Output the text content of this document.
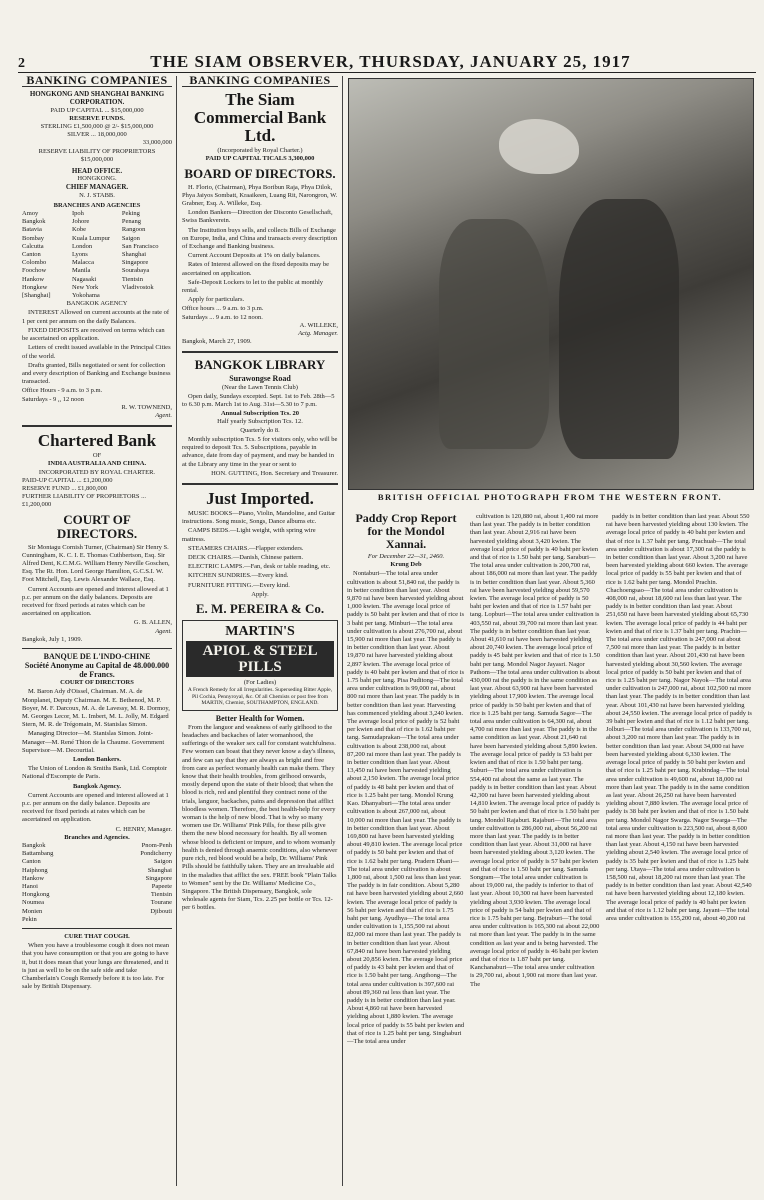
2	THE SIAM OBSERVER, THURSDAY, JANUARY 25, 1917
BANKING COMPANIES
HONGKONG AND SHANGHAI BANKING CORPORATION.
PAID UP CAPITAL ... $15,000,000
RESERVE FUNDS.
STERLING £1,500,000 @ 2/- $15,000,000
SILVER ... 18,000,000
33,000,000
RESERVE LIABILITY OF PROPRIETORS $15,000,000
HEAD OFFICE.
HONGKONG.
CHIEF MANAGER.
N. J. STABB.
BRANCHES AND AGENCIES
Amoy	Ipoh	Peking
Bangkok	Johore	Penang
Batavia	Kobe	Rangoon
Bombay	Kuala Lumpur	Saigon
Calcutta	London	San Francisco
Canton	Lyons	Shanghai
Colombo	Malacca	Singapore
Foochow	Manila	Sourabaya
Hankow	Nagasaki	Tientsin
Hongkew	New York	Vladivostok
[Shanghai]	Yokohama
BANGKOK AGENCY

INTEREST Allowed on current accounts at the rate of 1 per cent per annum on the daily Balances.

FIXED DEPOSITS are received on terms which can be ascertained on application.

Letters of credit issued available in the Principal Cities of the world.

Drafts granted, Bills negotiated or sent for collection and every description of Banking and Exchange business transacted.

Office Hours - 9 a.m. to 3 p.m.
Saturdays - 9 ,, 12 noon
R. W. TOWNEND,
Agent.
Chartered Bank
OF
INDIA AUSTRALIA AND CHINA.
INCORPORATED BY ROYAL CHARTER.
PAID-UP CAPITAL ... £1,200,000
RESERVE FUND ... £1,800,000
FURTHER LIABILITY OF PROPRIETORS ... £1,200,000
COURT OF DIRECTORS.

Sir Montagu Cornish Turner, (Chairman) Sir Henry S. Cunningham, K. C. I. E. Thomas Cuthbertson, Esq. Sir Alfred Dent, K.C.M.G. William Henry Neville Goschen, Esq. The Rt. Hon. Lord George Hamilton, G.C.S.I. W. Foot Mitchell, Esq. Lewis Alexander Wallace, Esq.

Current Accounts are opened and interest allowed at 1 p.c. per annum on the daily balances. Deposits are received for fixed periods at rates which can be ascertained on application.

G. B. ALLEN,
Agent.
Bangkok, July 1, 1909.
BANQUE DE L'INDO-CHINE
Société Anonyme au Capital de 48.000.000 de Francs.
COURT OF DIRECTORS

M. Baron Ady d'Oissel, Chairman. M. A. de Monplanet, Deputy Chairman. M. E. Bethenod, M. P. Boyer, M. F. Darcoux, M. A. de Lavessy, M. R. Dormoy, M. Georges Lecor, M. L. Imbert, M. L. Jolly, M. Edgard Stern, M. R. de Trégomain, M. Stanislas Simon.

Managing Director—M. Stanislas Simon. Joint-Manager—M. René Thion de la Chaume. Government Supervisor—M. Decourtial.

London Bankers.

The Union of London & Smiths Bank, Ltd. Comptoir National d'Escompte de Paris.

Bangkok Agency.

Current Accounts are opened and interest allowed at 1 p.c. per annum on the daily balance. Deposits are received for fixed periods at rates which can be ascertained on application.

C. HENRY, Manager.
Branches and Agencies.
Bangkok	Pnom-Penh
Battambang	Pondicherry
Canton	Saigon
Haiphong	Shanghai
Hankow	Singapore
Hanoi	Papeete
Hongkong	Tientsin
Noumea	Tourane
Monien	Djibouti
Pekin
CURE THAT COUGH.

When you have a troublesome cough it does not mean that you have consumption or that you are going to have it, but it does mean that your lungs are threatened, and it is just as well to be on the safe side and take Chamberlain's Cough Remedy before it is too late. For sale by British Dispensary.

BANKING COMPANIES
The Siam Commercial Bank Ltd.
(Incorporated by Royal Charter.)
PAID UP CAPITAL TICALS 3,300,000
BOARD OF DIRECTORS.

H. Florio, (Chairman), Phya Boribun Raja, Phya Dilok, Phya Jaiyos Sombatt, Kraaikeen, Luang Rit, Narongron, W. Grabner, Esq. A. Willeke, Esq.

London Bankers—Direction der Disconto Gesellschaft, Swiss Bankverein.

The Institution buys sells, and collects Bills of Exchange on Europe, India, and China and transacts every description of Exchange and Banking business.

Current Account Deposits at 1% on daily balances.

Rates of Interest allowed on the fixed deposits may be ascertained on application.

Safe-Deposit Lockers to let to the public at monthly rental.

Apply for particulars.

Office hours ... 9 a.m. to 3 p.m.
Saturdays ... 9 a.m. to 12 noon.
A. WILLEKE,
Actg. Manager.
Bangkok, March 27, 1909.
BANGKOK LIBRARY
Surawongse Road
(Near the Lawn Tennis Club)

Open daily, Sundays excepted. Sept. 1st to Feb. 28th—5 to 6.30 p.m. March 1st to Aug. 31st—5.30 to 7 p.m.

Annual Subscription Tcs. 20
Half yearly Subscription Tcs. 12.
Quarterly do 8.

Monthly subscription Tcs. 5 for visitors only, who will be required to deposit Tcs. 5. Subscriptions, payable in advance, date from day of payment, and may be handed in at the Library any time in the year or sent to

HON. GUTTING, Hon. Secretary and Treasurer.
Just Imported.

MUSIC BOOKS—Piano, Violin, Mandoline, and Guitar instructions. Song music, Songs, Dance albums etc.

CAMPS BEDS.—Light weight, with spring wire mattress.

STEAMERS CHAIRS.—Flapper extenders.

DECK CHAIRS.—Danish, Chinese pattern.

ELECTRIC LAMPS.—Fan, desk or table reading, etc.

KITCHEN SUNDRIES.—Every kind.

FURNITURE FITTING.—Every kind.

Apply.
E. M. PEREIRA & Co.
MARTIN'S
APIOL & STEEL PILLS
(For Ladies)
A French Remedy for all Irregularities. Superseding Bitter Apple, Pil Cochia, Pennyroyal, &c. Of all Chemists or post free from MARTIN, Chemist, SOUTHAMPTON, ENGLAND.
Better Health for Women.

From the languor and weakness of early girlhood to the headaches and backaches of later womanhood, the sufferings of the weaker sex call for constant watchfulness. Few women can boast that they never know a day's illness, and few can say that they are always as bright and free from care as perfect womanly health can make them. They know that their health troubles, from girlhood onwards, mostly depend upon the state of their blood; that when the blood is rich, red and plentiful they contract none of the trials, languor, backaches, pains and depression that afflict bloodless women. Therefore, the best health-help for every woman is the help of new blood. That is why so many women use Dr. Williams' Pink Pills, for these pills give them the new blood necessary for health. By all women whose blood is deficient or impure, and to whom womanly health is denied through anaemic conditions, also whenever pure rich, red blood would be a help, Dr. Williams' Pink Pills should be faithfully taken. They are an invaluable aid in the maladies that afflict the sex. FREE book "Plain Talks to Women" sent by the Dr. Williams' Medicine Co., Singapore. The British Dispensary, Bangkok, sole wholesale agents for Siam, Tcs. 2.25 per bottle or Tcs. 12-per 6 bottles.

BRITISH OFFICIAL PHOTOGRAPH FROM THE WESTERN FRONT.
Paddy Crop Report for the Mondol Xannai.
For December 22—31, 2460.
Krung Deb

Nontaburi—The total area under cultivation is about 51,840 rai, the paddy is in better condition than last year. About 9,870 rai have been harvested yielding about 1,000 kwien. The average local price of paddy is 50 baht per kwien and that of rice is 3 baht per tang. Minburi—The total area under cultivation is about 276,700 rai, about 15,900 rai more than last year. The paddy is in better condition than last year. About 19,870 rai have harvested yielding about 2,897 kwien. The average local price of paddy is 40 baht per kwien and that of rice is 1.75 baht per tang. Pisa Puditong—The total area under cultivation is 99,000 rai, about 800 rai more than last year. The paddy is in better condition than last year. Harvesting has commenced yielding about 3,240 kwien. The average local price of paddy is 52 baht per kwien and that of rice is 1.62 baht per tang. Samudaprakan—The total area under cultivation is about 238,000 rai, about 87,200 rai more than last year. The paddy is in better condition than last year. About 13,450 rai have been harvested yielding about 2,150 kwien. The average local price of paddy is 48 baht per kwien and that of rice is 1.25 baht per tang. Mondol Krung Kao. Dhanyaburi—The total area under cultivation is about 267,000 rai, about 10,000 rai more than last year. The paddy is in better condition than last year. About 169,800 rai have been harvested yielding about 49,810 kwien. The average local price of paddy is 50 baht per kwien and that of rice is 1.62 baht per tang. Pradern Dhani—The total area under cultivation is about 1,800 rai, about 1,500 rai less than last year. The paddy is in fair condition. About 5,280 rai have been harvested yielding about 2,660 kwien. The average local price of paddy is 56 baht per kwien and that of rice is 1.75 baht per tang. Ayudhya—The total area under cultivation is 1,155,500 rai about 82,000 rai more than last year. The paddy is in better condition than last year. About 67,840 rai have been harvested yielding about 20,856 kwien. The average local price of paddy is 43 baht per kwien and that of rice is 1.50 baht per tang. Angthong—The total area under cultivation is 397,600 rai about 89,360 rai less than last year. The paddy is in better condition than last year. About 4,860 rai have been harvested yielding about 1,880 kwien. The average local price of paddy is 55 baht per kwien and that of rice is 1.25 baht per tang. Singhaburi—The total area under

cultivation is 120,880 rai, about 1,400 rai more than last year. The paddy is in better condition than last year. About 2,916 rai have been harvested yielding about 3,420 kwien. The average local price of paddy is 40 baht per kwien and that of rice is 1.50 baht per tang. Saraburi—The total area under cultivation is 200,700 rai, about 186,000 rai more than last year. The paddy is in better condition than last year. About 5,360 rai have been harvested yielding about 59,570 kwien. The average local price of paddy is 50 baht per kwien and that of rice is 1.57 baht per tang. Lopburi—The total area under cultivation is 403,550 rai, about 39,700 rai more than last year. The paddy is in better condition than last year. About 41,610 rai have been harvested yielding about 20,740 kwien. The average local price of paddy is 45 baht per kwien and that of rice is 1.50 baht per tang. Mondol Nagor Jayasri. Nagor Pathom—The total area under cultivation is about 430,000 rai the paddy is in the same condition as last year. About 63,900 rai have been harvested yielding about 17,900 kwien. The average local price of paddy is 50 baht per kwien and that of rice is 1.25 baht per tang. Samuda Sagor—The total area under cultivation is 64,300 rai, about 4,700 rai more than last year. The paddy is in the same condition as last year. About 21,640 rai have been harvested yielding about 5,890 kwien. The average local price of paddy is 53 baht per kwien and that of rice is 1.50 baht per tang. Suburi—The total area under cultivation is 554,400 rai about the same as last year. The paddy is in better condition than last year. About 42,300 rai have been harvested yielding about 14,810 kwien. The average local price of paddy is 50 baht per kwien and that of rice is 1.50 baht per tang. Mondol Rajaburi. Rajaburi—The total area under cultivation is 286,000 rai, about 56,200 rai more than last year. The paddy is in better condition than last year. About 31,000 rai have been harvested yielding about 3,120 kwien. The average local price of paddy is 57 baht per kwien and that of rice is 1.50 baht per tang. Samuda Songram—The total area under cultivation is about 19,000 rai, the paddy is inferior to that of last year. About 10,300 rai have been harvested yielding about 3,930 kwien. The average local price of paddy is 54 baht per kwien and that of rice is 1.75 baht per tang. Bejraburi—The total area under cultivation is 165,300 rai about 22,000 rai more than last year. The paddy is in the same condition as last year and is being harvested. The average local price of paddy is 46 baht per kwien and that of rice is 1.87 baht per tang. Kanchanaburi—The total area under cultivation is 29,700 rai, about 1,900 rai more than last year. The

paddy is in better condition than last year. About 550 rai have been harvested yielding about 130 kwien. The average local price of paddy is 40 baht per kwien and that of rice is 1.37 baht per tang. Prachuab—The total area under cultivation is about 17,300 rai the paddy is in better condition than last year. About 3,200 rai have been harvested yielding about 660 kwien. The average local price of paddy is 55 baht per kwien and that of rice is 1.62 baht per tang. Mondol Prachin. Chachoengsao—The total area under cultivation is 408,000 rai, about 18,600 rai less than last year. The paddy is in better condition than last year. About 251,650 rai have been harvested yielding about 65,730 kwien. The average local price of paddy is 44 baht per kwien and that of rice is 1.37 baht per tang. Prachin—The total area under cultivation is 247,000 rai about 7,500 rai more than last year. The paddy is in better condition than last year. About 201,430 rai have been harvested yielding about 30,560 kwien. The average local price of paddy is 50 baht per kwien and that of rice is 1.25 baht per tang. Nagor Nayok—The total area under cultivation is 247,000 rai, about 102,500 rai more than last year. The paddy is in better condition than last year. About 101,430 rai have been harvested yielding about 24,550 kwien. The average local price of paddy is 39 baht per kwien and that of rice is 1.12 baht per tang. Jolburi—The total area under cultivation is 133,700 rai, about 3,200 rai more than last year. The paddy is in better condition than last year. About 34,000 rai have been harvested yielding about 6,330 kwien. The average local price of paddy is 50 baht per kwien and that of rice is 1.25 baht per tang. Krabindag—The total area under cultivation is 49,600 rai, about 18,000 rai more than last year. The paddy is in the same condition as last year. About 26,250 rai have been harvested yielding about 7,880 kwien. The average local price of paddy is 38 baht per kwien and that of rice is 1.50 baht per tang. Mondol Nagor Swarga. Nagor Swarga—The total area under cultivation is 223,500 rai, about 8,600 rai more than last year. The paddy is in better condition than last year. About 4,150 rai have been harvested yielding about 2,540 kwien. The average local price of paddy is 35 baht per kwien and that of rice is 1.25 baht per tang. Utaya—The total area under cultivation is 158,500 rai, about 18,200 rai more than last year. The paddy is in better condition than last year. About 42,540 rai have been harvested yielding about 12,180 kwien. The average local price of paddy is 40 baht per kwien and that of rice is 1.12 baht per tang. Jayant—The total area under cultivation is 155,200 rai, about 40,200 rai
